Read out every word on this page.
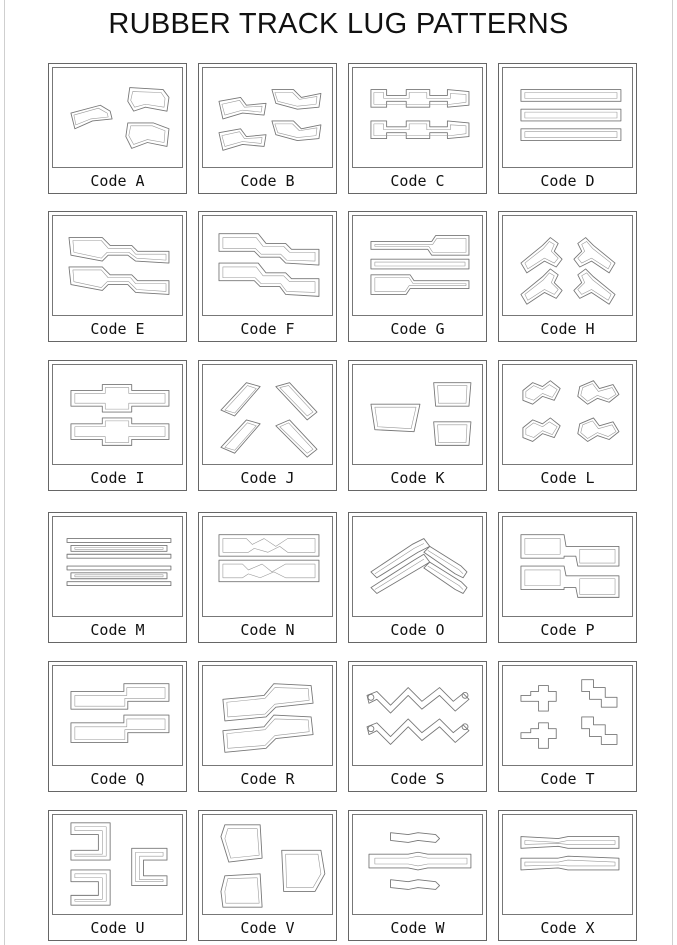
RUBBER TRACK LUG PATTERNS
Code A	Code B	Code C	Code D
Code E	Code F	Code G	Code H
Code I	Code J	Code K	Code L
Code M	Code N	Code O	Code P
Code Q	Code R	Code S	Code T
Code U	Code V	Code W	Code X
